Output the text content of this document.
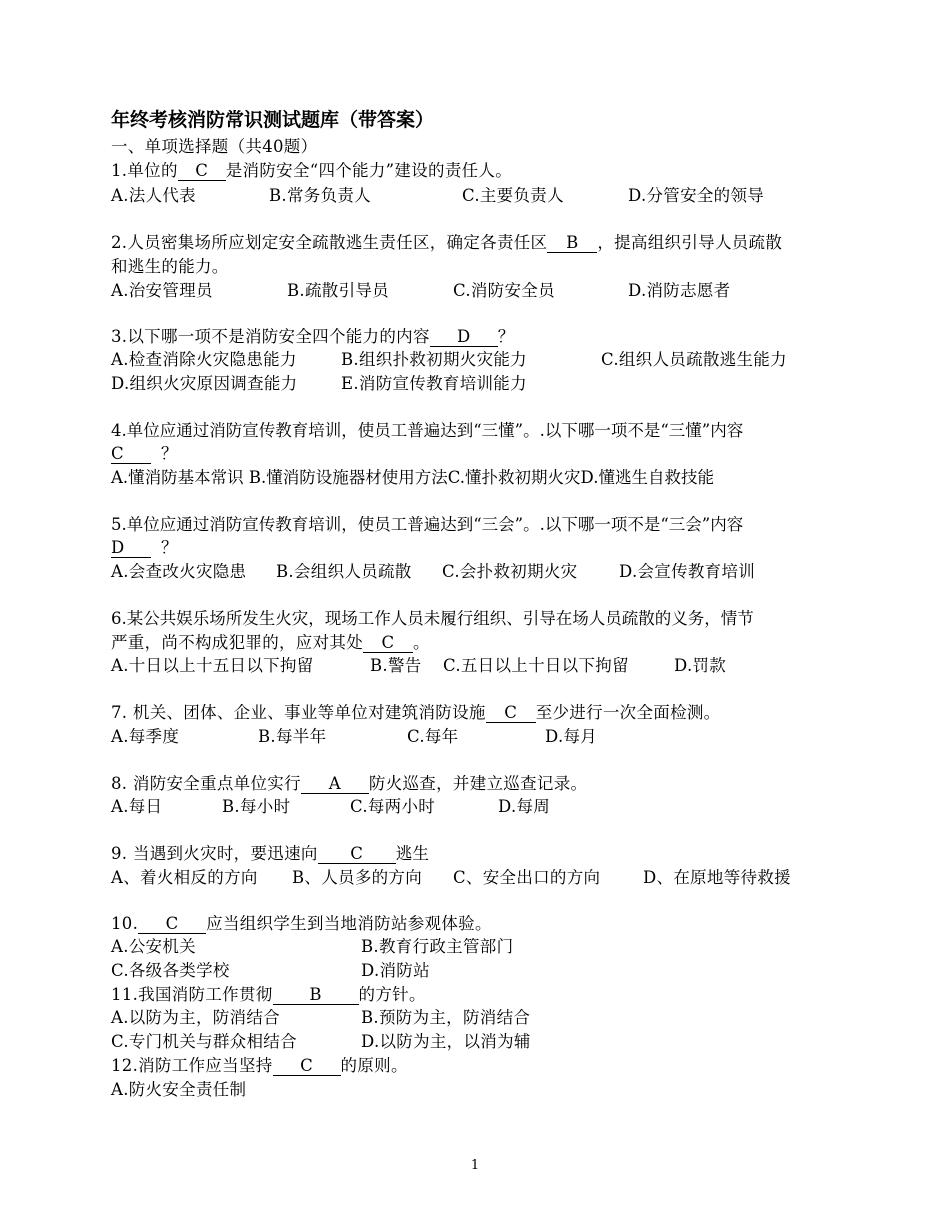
年终考核消防常识测试题库（带答案）
一、单项选择题（共40题）
1.单位的 C 是消防安全“四个能力”建设的责任人。
A.法人代表	B.常务负责人	C.主要负责人	D.分管安全的领导
2.人员密集场所应划定安全疏散逃生责任区，确定各责任区 B ，提高组织引导人员疏散
和逃生的能力。
A.治安管理员	B.疏散引导员	C.消防安全员	D.消防志愿者
3.以下哪一项不是消防安全四个能力的内容 D ？
A.检查消除火灾隐患能力	B.组织扑救初期火灾能力	C.组织人员疏散逃生能力
D.组织火灾原因调查能力	E.消防宣传教育培训能力
4.单位应通过消防宣传教育培训，使员工普遍达到“三懂”。.以下哪一项不是“三懂”内容
C ？
A.懂消防基本常识 B.懂消防设施器材使用方法C.懂扑救初期火灾D.懂逃生自救技能
5.单位应通过消防宣传教育培训，使员工普遍达到“三会”。.以下哪一项不是“三会”内容
D ？
A.会查改火灾隐患 B.会组织人员疏散 C.会扑救初期火灾	D.会宣传教育培训
6.某公共娱乐场所发生火灾，现场工作人员未履行组织、引导在场人员疏散的义务，情节
严重，尚不构成犯罪的，应对其处 C 。
A.十日以上十五日以下拘留	B.警告 C.五日以上十日以下拘留	D.罚款
7. 机关、团体、企业、事业等单位对建筑消防设施 C 至少进行一次全面检测。
A.每季度	B.每半年	C.每年	D.每月
8. 消防安全重点单位实行 A 防火巡查，并建立巡查记录。
A.每日	B.每小时	C.每两小时	D.每周
9. 当遇到火灾时，要迅速向 C 逃生
A、着火相反的方向 B、人员多的方向 C、安全出口的方向	D、在原地等待救援
10. C 应当组织学生到当地消防站参观体验。
A.公安机关	B.教育行政主管部门
C.各级各类学校	D.消防站
11.我国消防工作贯彻 B 的方针。
A.以防为主，防消结合	B.预防为主，防消结合
C.专门机关与群众相结合	D.以防为主，以消为辅
12.消防工作应当坚持 C 的原则。
A.防火安全责任制
1
